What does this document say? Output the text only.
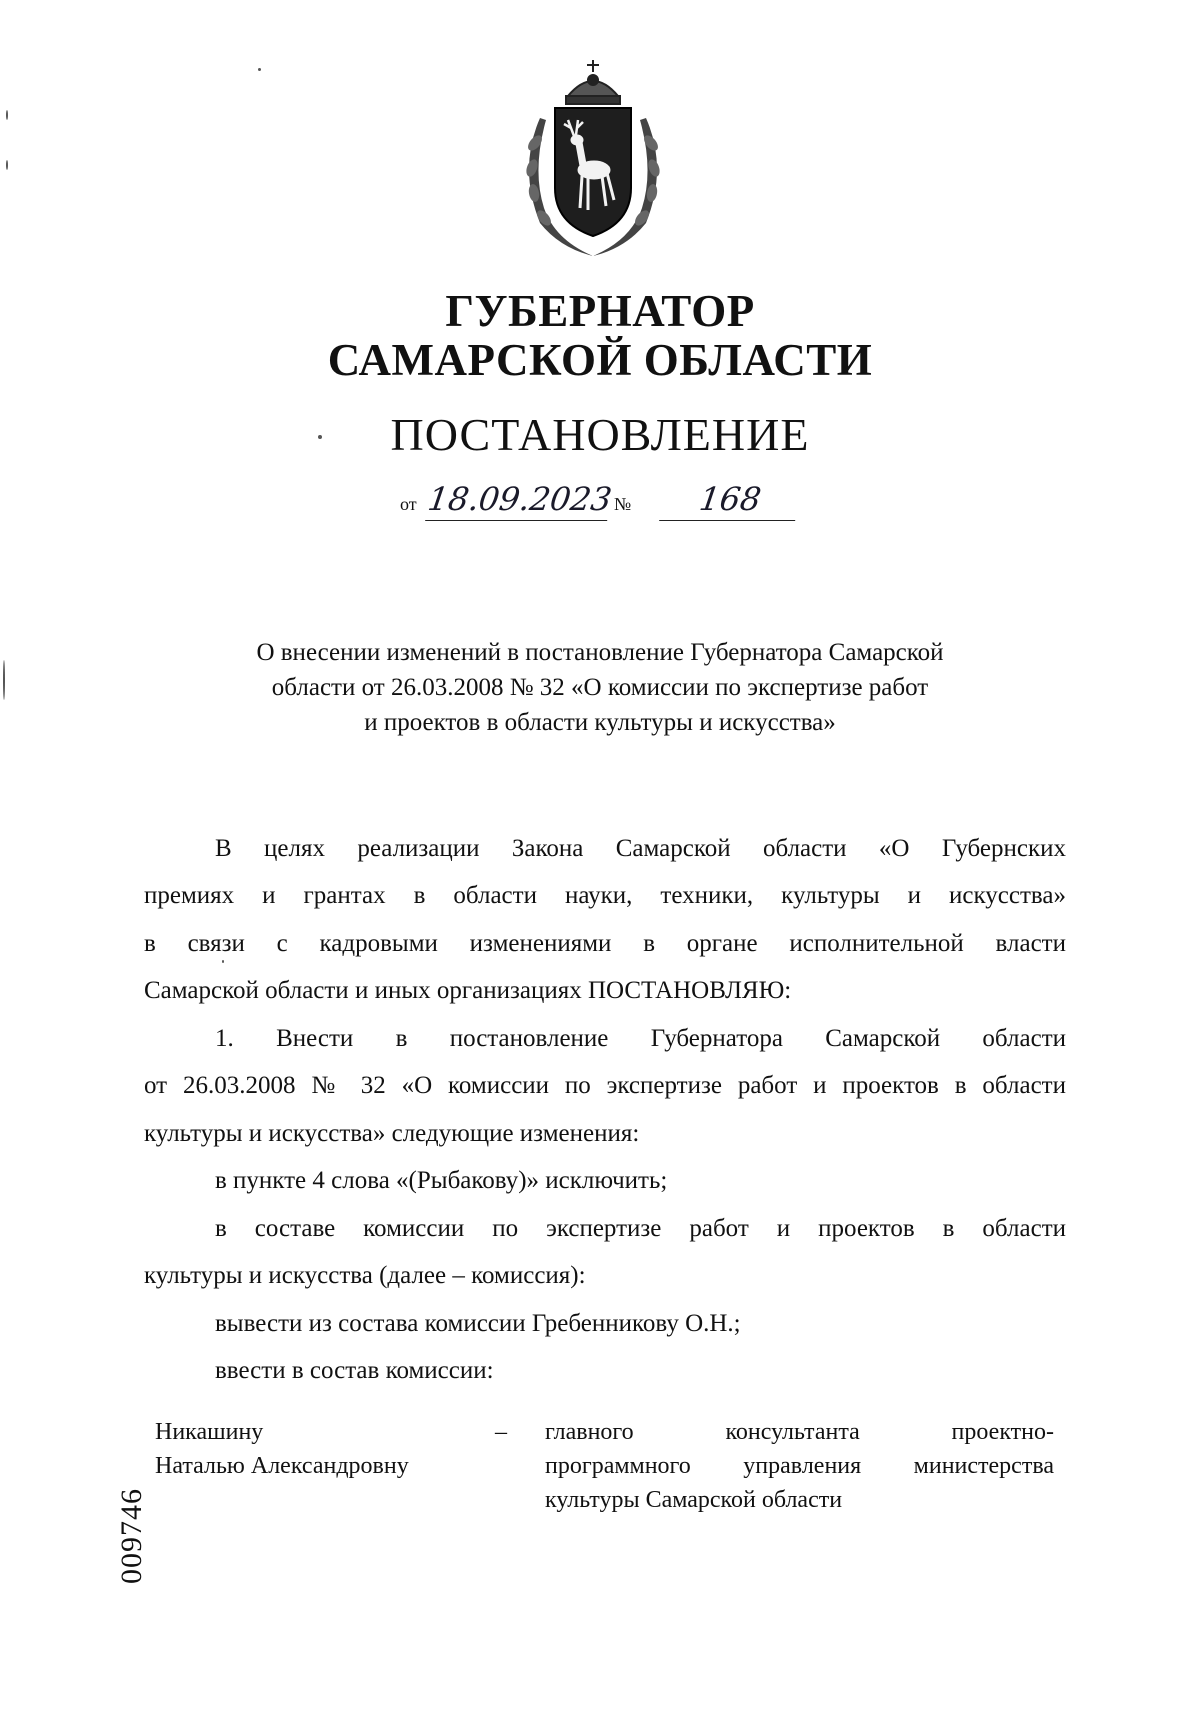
ГУБЕРНАТОР
САМАРСКОЙ ОБЛАСТИ
ПОСТАНОВЛЕНИЕ
от 18.09.2023 №	168
О внесении изменений в постановление Губернатора Самарской
области от 26.03.2008 № 32 «О комиссии по экспертизе работ
и проектов в области культуры и искусства»
В целях реализации Закона Самарской области «О Губернских
премиях и грантах в области науки, техники, культуры и искусства»
в связи с кадровыми изменениями в органе исполнительной власти
Самарской области и иных организациях ПОСТАНОВЛЯЮ:
1. Внести в постановление Губернатора Самарской области
от 26.03.2008 № 32 «О комиссии по экспертизе работ и проектов в области
культуры и искусства» следующие изменения:
в пункте 4 слова «(Рыбакову)» исключить;
в составе комиссии по экспертизе работ и проектов в области
культуры и искусства (далее – комиссия):
вывести из состава комиссии Гребенникову О.Н.;
ввести в состав комиссии:
Никашину
Наталью Александровну
– главного консультанта проектно-
программного управления министерства
культуры Самарской области
009746
